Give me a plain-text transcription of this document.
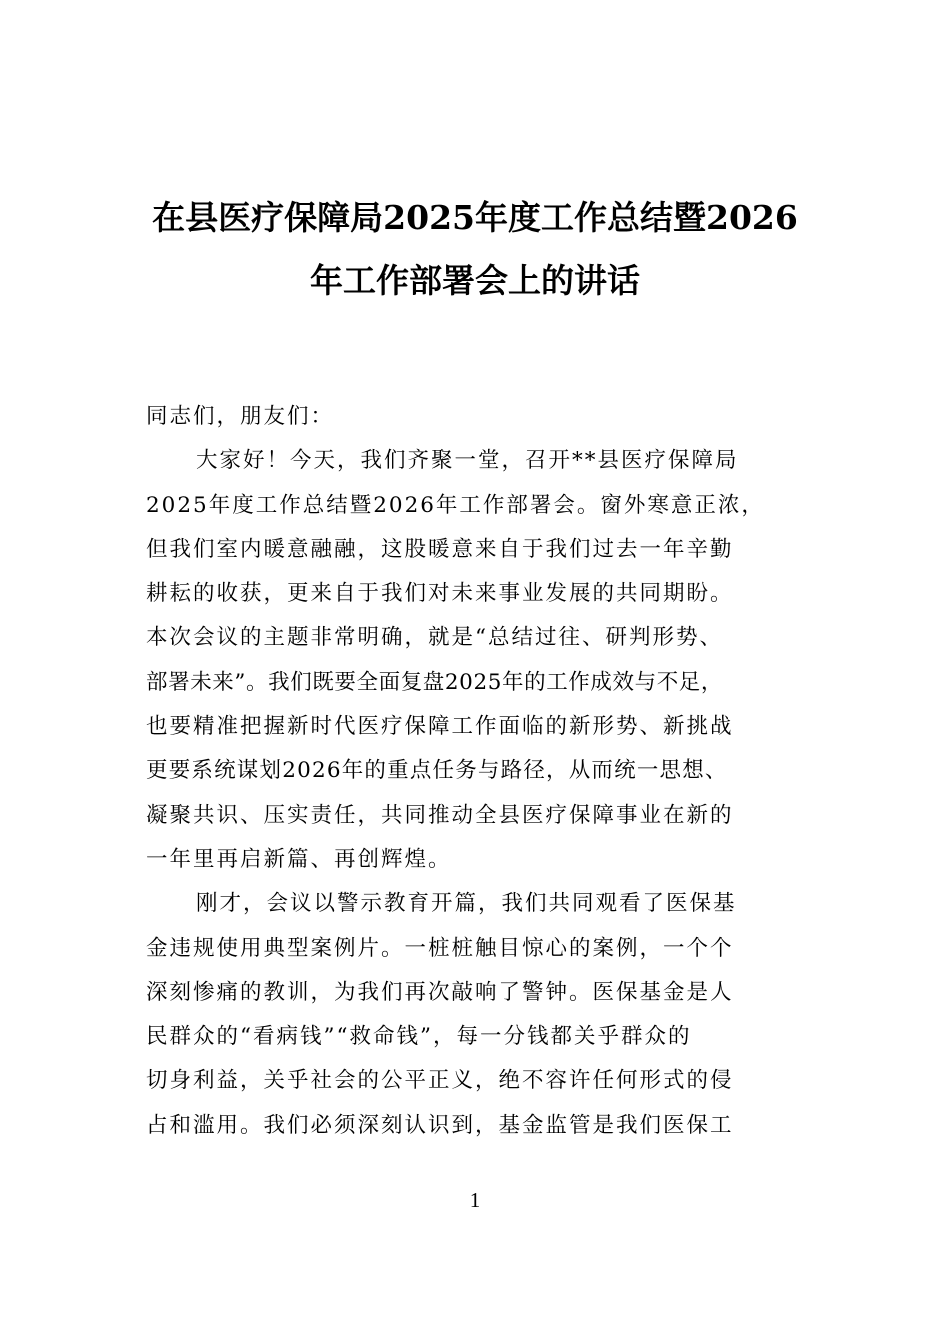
在县医疗保障局2025年度工作总结暨2026
年工作部署会上的讲话
同志们，朋友们：
大家好！今天，我们齐聚一堂，召开**县医疗保障局
2025年度工作总结暨2026年工作部署会。窗外寒意正浓，
但我们室内暖意融融，这股暖意来自于我们过去一年辛勤
耕耘的收获，更来自于我们对未来事业发展的共同期盼。
本次会议的主题非常明确，就是“总结过往、研判形势、
部署未来”。我们既要全面复盘2025年的工作成效与不足，
也要精准把握新时代医疗保障工作面临的新形势、新挑战
更要系统谋划2026年的重点任务与路径，从而统一思想、
凝聚共识、压实责任，共同推动全县医疗保障事业在新的
一年里再启新篇、再创辉煌。
刚才，会议以警示教育开篇，我们共同观看了医保基
金违规使用典型案例片。一桩桩触目惊心的案例，一个个
深刻惨痛的教训，为我们再次敲响了警钟。医保基金是人
民群众的“看病钱”“救命钱”，每一分钱都关乎群众的
切身利益，关乎社会的公平正义，绝不容许任何形式的侵
占和滥用。我们必须深刻认识到，基金监管是我们医保工
1
